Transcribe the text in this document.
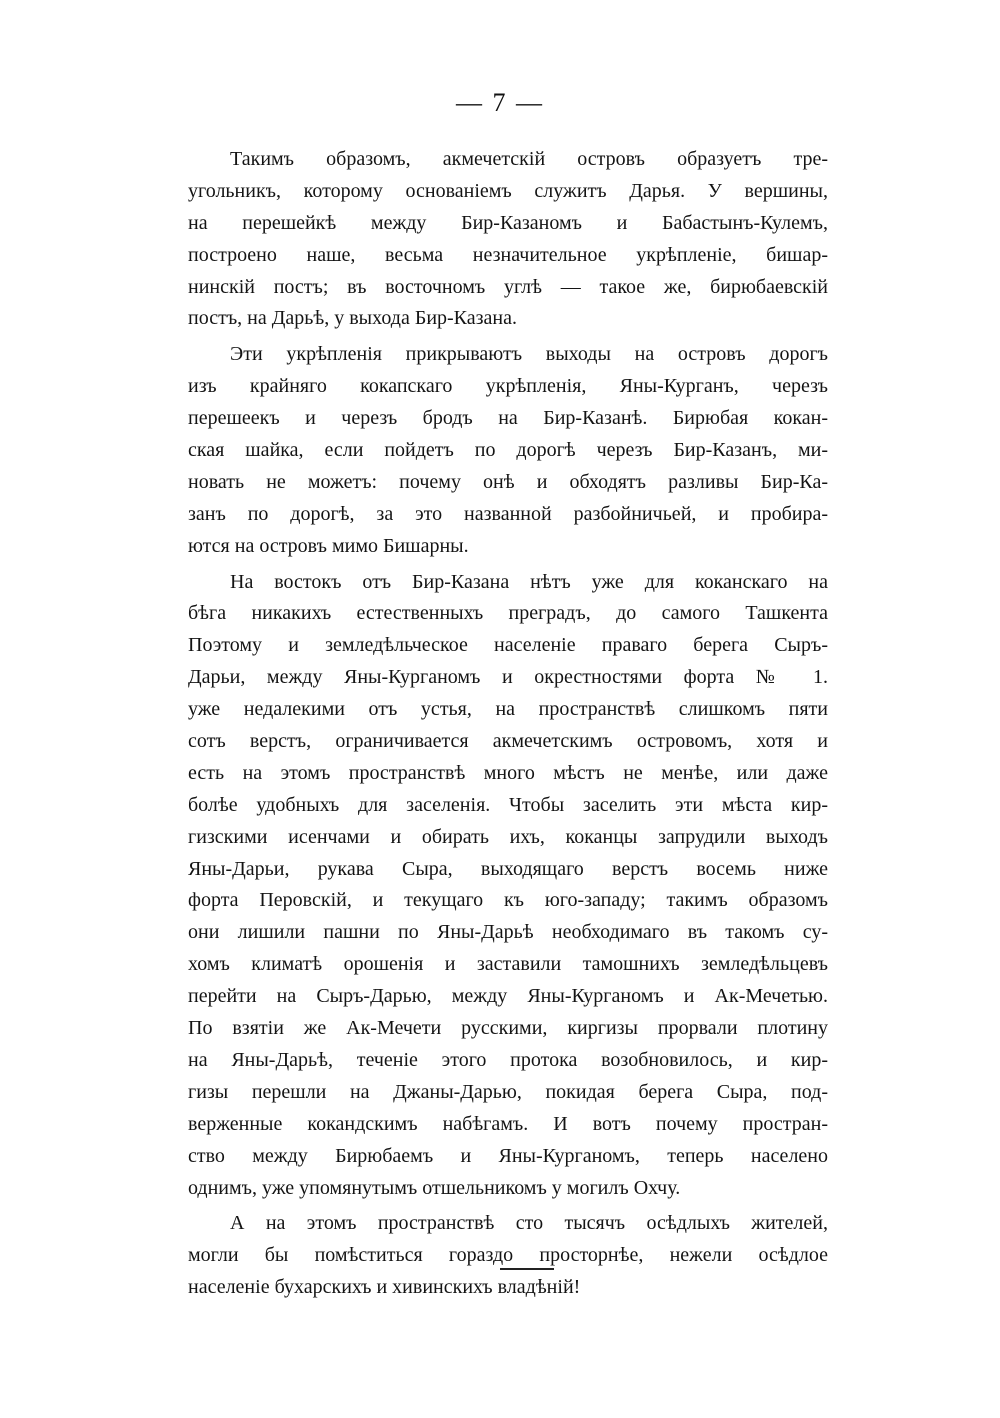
— 7 —
Такимъ образомъ, акмечетскій островъ образуетъ тре-
угольникъ, которому основаніемъ служитъ Дарья. У вершины,
на перешейкѣ между Бир-Казаномъ и Бабастынъ-Кулемъ,
построено наше, весьма незначительное укрѣпленіе, бишар-
нинскій постъ; въ восточномъ углѣ — такое же, бирюбаевскій
постъ, на Дарьѣ, у выхода Бир-Казана.
Эти укрѣпленія прикрываютъ выходы на островъ дорогъ
изъ крайняго кокапскаго укрѣпленія, Яны-Курганъ, черезъ
перешеекъ и черезъ бродъ на Бир-Казанѣ. Бирюбая кокан-
ская шайка, если пойдетъ по дорогѣ черезъ Бир-Казанъ, ми-
новать не можетъ: почему онѣ и обходятъ разливы Бир-Ка-
занъ по дорогѣ, за это названной разбойничьей, и пробира-
ются на островъ мимо Бишарны.
На востокъ отъ Бир-Казана нѣтъ уже для коканскаго на
бѣга никакихъ естественныхъ преградъ, до самого Ташкента
Поэтому и земледѣльческое населеніе праваго берега Сыръ-
Дарьи, между Яны-Курганомъ и окрестностями форта № 1.
уже недалекими отъ устья, на пространствѣ слишкомъ пяти
сотъ верстъ, ограничивается акмечетскимъ островомъ, хотя и
есть на этомъ пространствѣ много мѣстъ не менѣе, или даже
болѣе удобныхъ для заселенія. Чтобы заселить эти мѣста кир-
гизскими исенчами и обирать ихъ, коканцы запрудили выходъ
Яны-Дарьи, рукава Сыра, выходящаго верстъ восемь ниже
форта Перовскій, и текущаго къ юго-западу; такимъ образомъ
они лишили пашни по Яны-Дарьѣ необходимаго въ такомъ су-
хомъ климатѣ орошенія и заставили тамошнихъ земледѣльцевъ
перейти на Сыръ-Дарью, между Яны-Курганомъ и Ак-Мечетью.
По взятіи же Ак-Мечети русскими, киргизы прорвали плотину
на Яны-Дарьѣ, теченіе этого протока возобновилось, и кир-
гизы перешли на Джаны-Дарью, покидая берега Сыра, под-
верженные кокандскимъ набѣгамъ. И вотъ почему простран-
ство между Бирюбаемъ и Яны-Курганомъ, теперь населено
однимъ, уже упомянутымъ отшельникомъ у могилъ Охчу.
А на этомъ пространствѣ сто тысячъ осѣдлыхъ жителей,
могли бы помѣститься гораздо просторнѣе, нежели осѣдлое
населеніе бухарскихъ и хивинскихъ владѣній!
